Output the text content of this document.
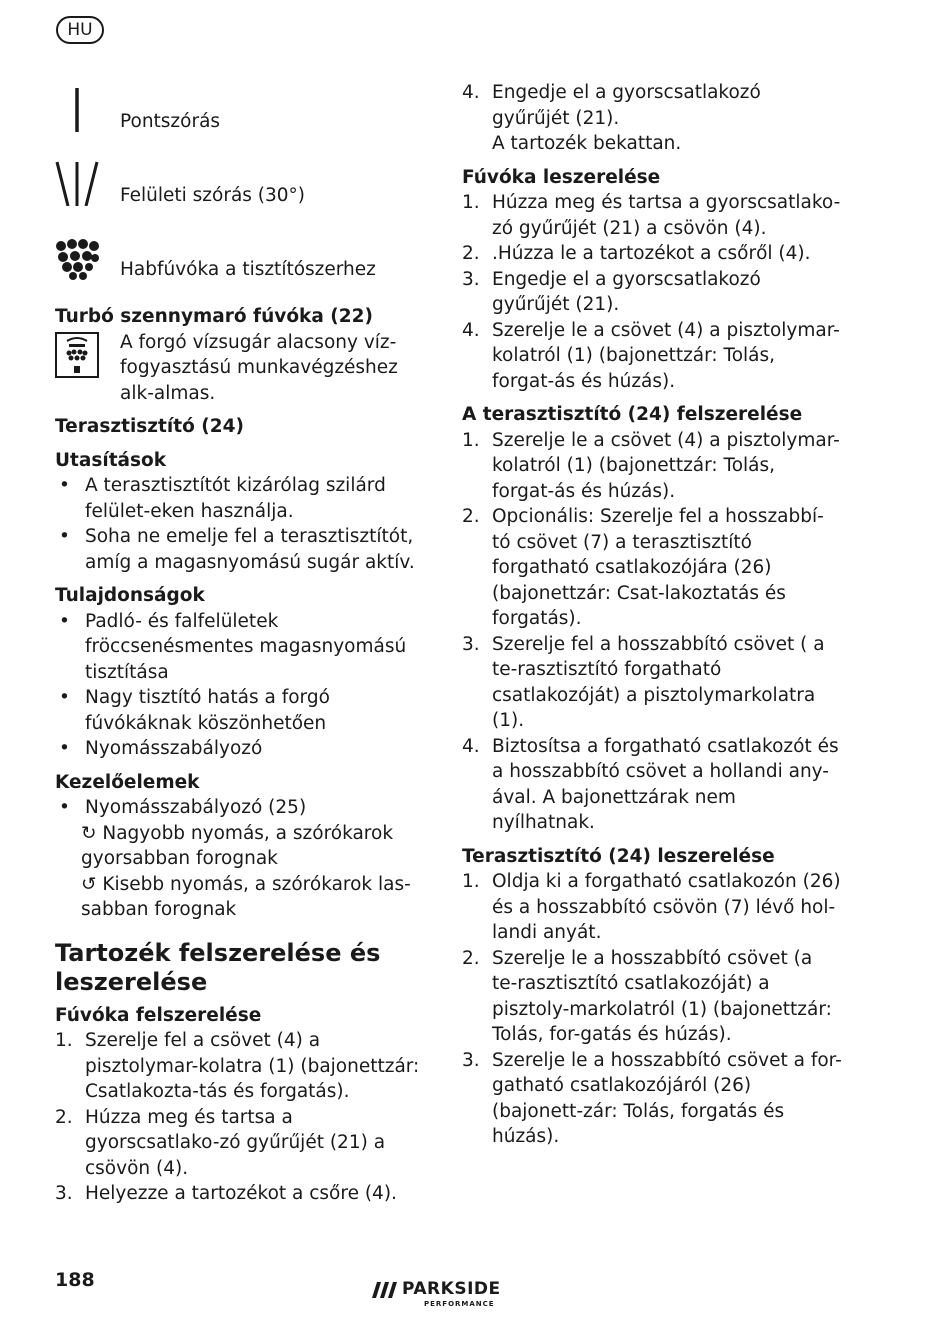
HU
Pontszórás
Felületi szórás (30°)
Habfúvóka a tisztítószerhez

Turbó szennymaró fúvóka (22)

A forgó vízsugár alacsony víz-fogyasztású munkavégzéshez alk-almas.

Terasztisztító (24)

Utasítások

• A terasztisztítót kizárólag szilárd felület-eken használja.
• Soha ne emelje fel a terasztisztítót, amíg a magasnyomású sugár aktív.

Tulajdonságok

• Padló- és falfelületek fröccsenésmentes magasnyomású tisztítása
• Nagy tisztító hatás a forgó fúvókáknak köszönhetően
• Nyomásszabályozó

Kezelőelemek

• Nyomásszabályozó (25)

↻ Nagyobb nyomás, a szórókarok gyorsabban forognak

↺ Kisebb nyomás, a szórókarok las-sabban forognak

Tartozék felszerelése és leszerelése

Fúvóka felszerelése

1. Szerelje fel a csövet (4) a pisztolymar-kolatra (1) (bajonettzár: Csatlakozta-tás és forgatás).
2. Húzza meg és tartsa a gyorscsatlako-zó gyűrűjét (21) a csövön (4).
3. Helyezze a tartozékot a csőre (4).
4. Engedje el a gyorscsatlakozó gyűrűjét (21).

A tartozék bekattan.

Fúvóka leszerelése

1. Húzza meg és tartsa a gyorscsatlako-zó gyűrűjét (21) a csövön (4).
2. .Húzza le a tartozékot a csőről (4).
3. Engedje el a gyorscsatlakozó gyűrűjét (21).
4. Szerelje le a csövet (4) a pisztolymar-kolatról (1) (bajonettzár: Tolás, forgat-ás és húzás).

A terasztisztító (24) felszerelése

1. Szerelje le a csövet (4) a pisztolymar-kolatról (1) (bajonettzár: Tolás, forgat-ás és húzás).
2. Opcionális: Szerelje fel a hosszabbí-tó csövet (7) a terasztisztító forgatható csatlakozójára (26) (bajonettzár: Csat-lakoztatás és forgatás).
3. Szerelje fel a hosszabbító csövet ( a te-rasztisztító forgatható csatlakozóját) a pisztolymarkolatra (1).
4. Biztosítsa a forgatható csatlakozót és a hosszabbító csövet a hollandi any-ával. A bajonettzárak nem nyílhatnak.

Terasztisztító (24) leszerelése

1. Oldja ki a forgatható csatlakozón (26) és a hosszabbító csövön (7) lévő hol-landi anyát.
2. Szerelje le a hosszabbító csövet (a te-rasztisztító csatlakozóját) a pisztoly-markolatról (1) (bajonettzár: Tolás, for-gatás és húzás).
3. Szerelje le a hosszabbító csövet a for-gatható csatlakozójáról (26) (bajonett-zár: Tolás, forgatás és húzás).
188	PARKSIDE
PERFORMANCE
